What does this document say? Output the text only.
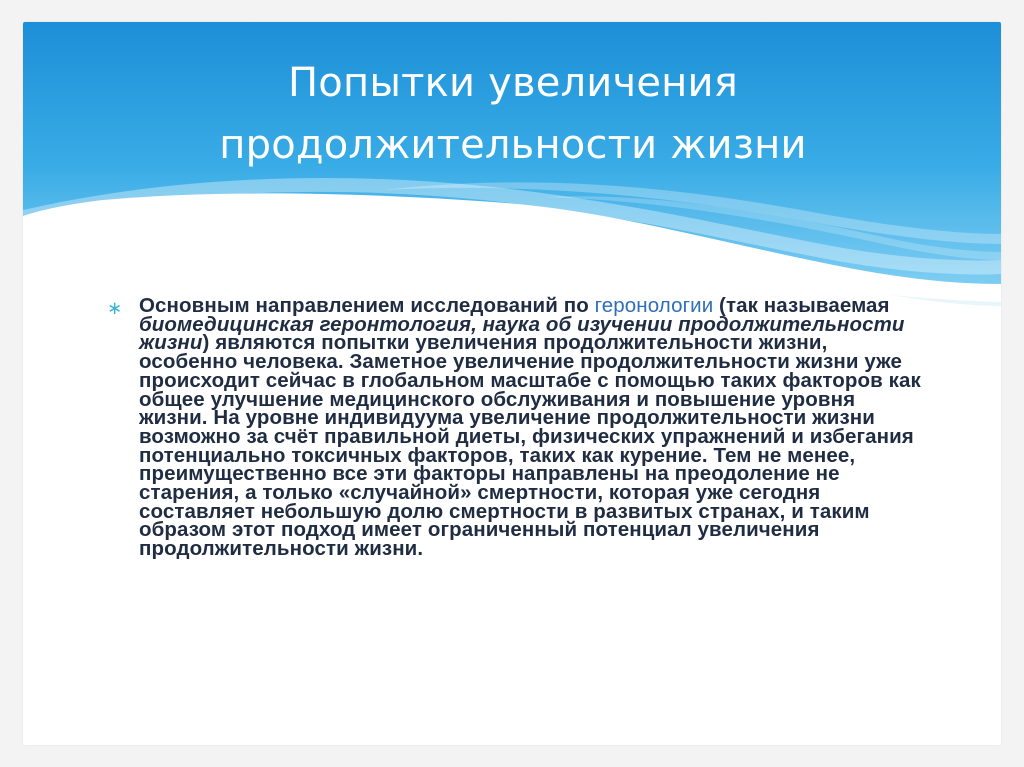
Попытки увеличения продолжительности жизни
∗ Основным направлением исследований по геронологии (так называемая биомедицинская геронтология, наука об изучении продолжительности жизни) являются попытки увеличения продолжительности жизни, особенно человека. Заметное увеличение продолжительности жизни уже происходит сейчас в глобальном масштабе с помощью таких факторов как общее улучшение медицинского обслуживания и повышение уровня жизни. На уровне индивидуума увеличение продолжительности жизни возможно за счёт правильной диеты, физических упражнений и избегания потенциально токсичных факторов, таких как курение. Тем не менее, преимущественно все эти факторы направлены на преодоление не старения, а только «случайной» смертности, которая уже сегодня составляет небольшую долю смертности в развитых странах, и таким образом этот подход имеет ограниченный потенциал увеличения продолжительности жизни.
